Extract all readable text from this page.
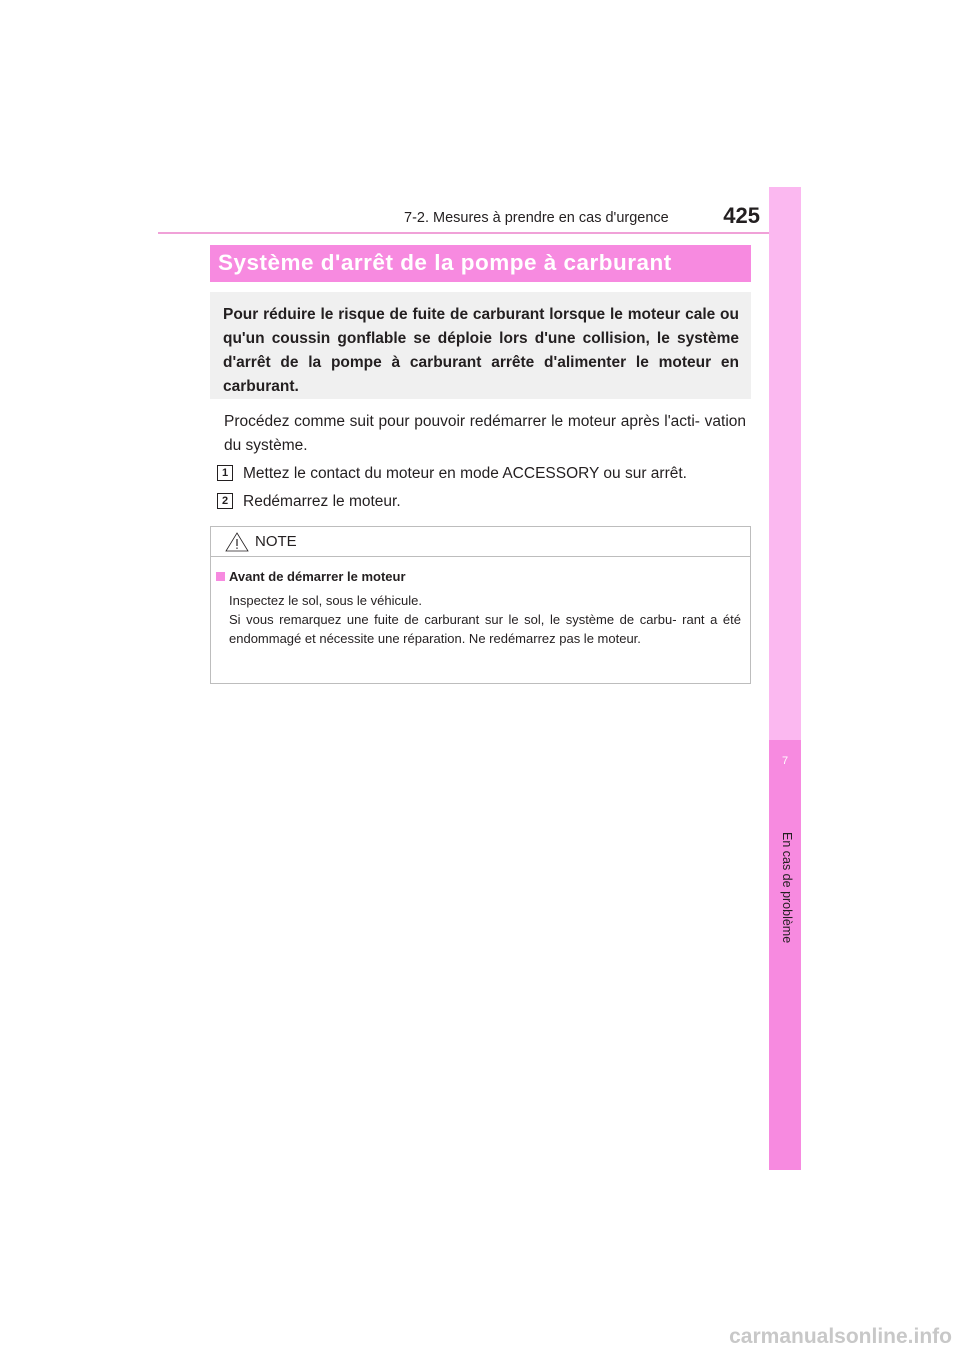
7-2. Mesures à prendre en cas d'urgence	425
7
En cas de problème
Système d'arrêt de la pompe à carburant

Pour réduire le risque de fuite de carburant lorsque le moteur cale ou qu'un coussin gonflable se déploie lors d'une collision, le système d'arrêt de la pompe à carburant arrête d'alimenter le moteur en carburant.

Procédez comme suit pour pouvoir redémarrer le moteur après l'acti- vation du système.

1 Mettez le contact du moteur en mode ACCESSORY ou sur arrêt.
2 Redémarrez le moteur.
NOTE
Avant de démarrer le moteur

Inspectez le sol, sous le véhicule.

Si vous remarquez une fuite de carburant sur le sol, le système de carbu- rant a été endommagé et nécessite une réparation. Ne redémarrez pas le moteur.

carmanualsonline.info
